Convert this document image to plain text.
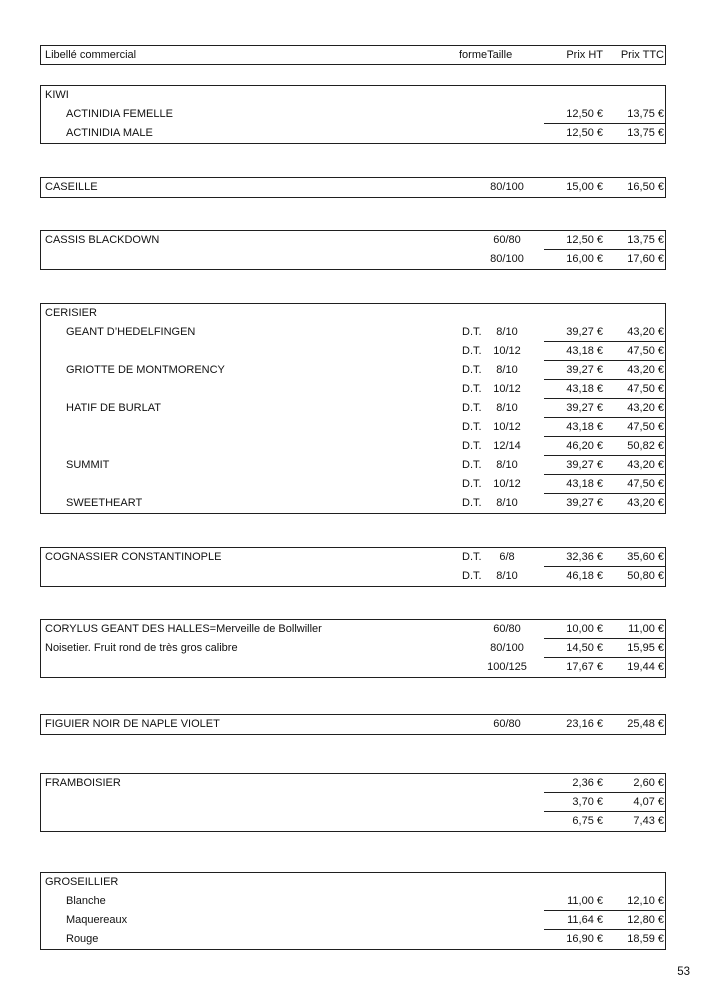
Libellé commercial	formeTaille	Prix HT Prix TTC
KIWI
ACTINIDIA FEMELLE	12,50 € 13,75 €
ACTINIDIA MALE	12,50 € 13,75 €
CASEILLE	80/100	15,00 € 16,50 €
CASSIS BLACKDOWN	60/80	12,50 € 13,75 €
80/100	16,00 € 17,60 €
CERISIER
GEANT D’HEDELFINGEN	D.T.	8/10	39,27 € 43,20 €
D.T.	10/12	43,18 € 47,50 €
GRIOTTE DE MONTMORENCY	D.T.	8/10	39,27 € 43,20 €
D.T.	10/12	43,18 € 47,50 €
HATIF DE BURLAT	D.T.	8/10	39,27 € 43,20 €
D.T.	10/12	43,18 € 47,50 €
D.T.	12/14	46,20 € 50,82 €
SUMMIT	D.T.	8/10	39,27 € 43,20 €
D.T.	10/12	43,18 € 47,50 €
SWEETHEART	D.T.	8/10	39,27 € 43,20 €
COGNASSIER CONSTANTINOPLE	D.T.	6/8	32,36 € 35,60 €
D.T.	8/10	46,18 € 50,80 €
CORYLUS GEANT DES HALLES=Merveille de Bollwiller	60/80	10,00 € 11,00 €
Noisetier. Fruit rond de très gros calibre	80/100	14,50 € 15,95 €
100/125	17,67 € 19,44 €
FIGUIER NOIR DE NAPLE VIOLET	60/80	23,16 € 25,48 €
FRAMBOISIER	2,36 €	2,60 €
3,70 €	4,07 €
6,75 €	7,43 €
GROSEILLIER
Blanche	11,00 € 12,10 €
Maquereaux	11,64 € 12,80 €
Rouge	16,90 € 18,59 €
53
